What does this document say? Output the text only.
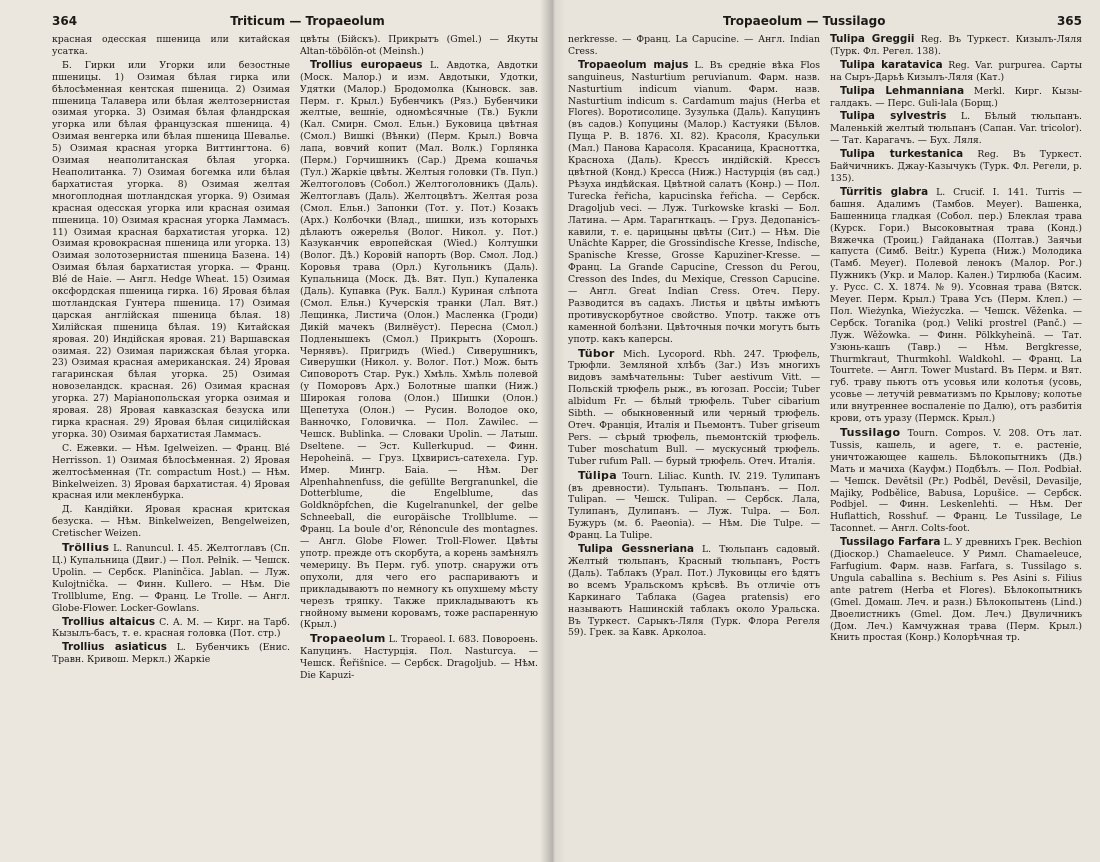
364	Triticum — Tropaeolum

красная одесская пшеница или китайская усатка.

Б. Гирки или Угорки или безостные пшеницы. 1) Озимая бѣлая гирка или бѣлосѣменная кентская пшеница. 2) Озимая пшеница Талавера или бѣлая желтозернистая озимая угорка. 3) Озимая бѣлая фландрская угорка или бѣлая французская пшеница. 4) Озимая венгерка или бѣлая пшеница Шевалье. 5) Озимая красная угорка Виттингтона. 6) Озимая неаполитанская бѣлая угорка. Неаполитанка. 7) Озимая богемка или бѣлая бархатистая угорка. 8) Озимая желтая многоплодная шотландская угорка. 9) Озимая красная одесская угорка или красная озимая пшеница. 10) Озимая красная угорка Ламмасъ. 11) Озимая красная бархатистая угорка. 12) Озимая кровокрасная пшеница или угорка. 13) Озимая золотозернистая пшеница Базена. 14) Озимая бѣлая бархатистая угорка. — Франц. Blé de Haie. — Англ. Hedge Wheat. 15) Озимая оксфордская пшеница гирка. 16) Яровая бѣлая шотландская Гунтера пшеница. 17) Озимая царская англiйская пшеница бѣлая. 18) Хилiйская пшеница бѣлая. 19) Китайская яровая. 20) Индiйская яровая. 21) Варшавская озимая. 22) Озимая парижская бѣлая угорка. 23) Озимая красная американская. 24) Яровая гагаринская бѣлая угорка. 25) Озимая новозеландск. красная. 26) Озимая красная угорка. 27) Марiанопольская угорка озимая и яровая. 28) Яровая кавказская безуска или гирка красная. 29) Яровая бѣлая сицилiйская угорка. 30) Озимая бархатистая Ламмасъ.

С. Ежевки. — Нѣм. Igelweizen. — Франц. Blé Herrisson. 1) Озимая бѣлосѣменная. 2) Яровая желтосѣменная (Tr. compactum Host.) — Нѣм. Binkelweizen. 3) Яровая бархатистая. 4) Яровая красная или мекленбурка.

Д. Кандійки. Яровая красная критская безуска. — Нѣм. Binkelweizen, Bengelweizen, Cretischer Weizen.

Tröllius L. Ranuncul. I. 45. Желтоглавъ (Сп. Ц.) Купальница (Двиг.) — Пол. Pełnik. — Чешск. Upolin. — Сербск. Planinčica. Jablan. — Луж. Kulojtnička. — Финн. Kullero. — Нѣм. Die Trollblume, Eng. — Франц. Le Trolle. — Англ. Globe-Flower. Locker-Gowlans.

Trollius altaicus C. A. M. — Кирг. на Тарб. Кызылъ-басъ, т. е. красная головка (Пот. стр.)

Trollius asiaticus L. Бубенчикъ (Енис. Травн. Кривош. Меркл.) Жаркіе

цвѣты (Бiйскъ). Прикрытъ (Gmel.) — Якуты Altan-töbölön-ot (Meinsh.)

Trollius europaeus L. Авдотка, Авдотки (Моск. Малор.) и изм. Авдотыки, Удотки, Удятки (Малор.) Бродомолка (Кыновск. зав. Перм. г. Крыл.) Бубенчикъ (Ряз.) Бубенчики желтые, вешніе, одномѣсячные (Тв.) Букли (Кал. Смирн. Смол. Ельн.) Буковица цвѣтная (Смол.) Вишкі (Вѣнки) (Перм. Крыл.) Вовча лапа, вовчий копит (Мал. Волк.) Горлянка (Перм.) Горчишникъ (Сар.) Дрема кошачья (Тул.) Жаркіе цвѣты. Желтыя головки (Тв. Пуп.) Желтоголовъ (Собол.) Желтоголовникъ (Даль). Желтоглавъ (Даль). Желтоцвѣтъ. Желтая роза (Смол. Ельн.) Запонки (Тот. у. Пот.) Козакъ (Арх.) Колбочки (Влад., шишки, изъ которыхъ дѣлаютъ ожерелья (Волог. Никол. у. Пот.) Казуканчик европейская (Wied.) Колтушки (Волог. Дѣ.) Коровій напорть (Вор. Смол. Лод.) Коровья трава (Орл.) Кугольникъ (Даль). Купальница (Моск. Дѣ. Вят. Пуп.) Купаленка (Даль). Купавка (Рук. Балл.) Куриная слѣпота (Смол. Ельн.) Кучерскія транки (Лал. Вят.) Лещинка, Листича (Олон.) Масленка (Гроди) Дикій мачекъ (Вилнёуст). Пересна (Смол.) Подленышекъ (Смол.) Прикрытъ (Хорошъ. Чернявъ). Пригридъ (Wied.) Сиверушникъ, Сиверушки (Никол. у. Волог. Пот.) Мож. быть Сиповоротъ Стар. Рук.) Хмѣль. Хмѣль полевой (у Поморовъ Арх.) Болотные шапки (Ниж.) Широкая голова (Олон.) Шишки (Олон.) Щепетуха (Олон.) — Русин. Володое око, Ванночко, Головичка. — Пол. Zawilec. — Чешск. Bublinka. — Словаки Upolin. — Латыш. Dseltene. — Эст. Kullerkupud. — Финн. Hepoheinä. — Груз. Цхвирисъ-сатехела. Гур. Имер. Мингр. Баіа. — Нѣм. Der Alpenhahnenfuss, die gefüllte Bergranunkel, die Dotterblume, die Engelblume, das Goldknöpfchen, die Kugelranunkel, der gelbe Schneeball, die europäische Trollblume. — Франц. La boule d'or, Rénoncule des montagnes. — Англ. Globe Flower. Troll-Flower. Цвѣты употр. прежде отъ скорбута, а корень замѣнялъ чемерицу. Въ Перм. губ. употр. снаружи отъ опухоли, для чего его распариваютъ и прикладываютъ по немногу къ опухшему мѣсту черезъ тряпку. Также прикладываютъ къ гнойному вымени коровамъ, тоже распаренную (Крыл.)

Tropaeolum L. Tropaeol. I. 683. Повороень. Капуцинъ. Настурція. Пол. Nasturcya. — Чешск. Řeřišnice. — Сербск. Dragoljub. — Нѣм. Die Kapuzi-

Tropaeolum — Tussilago	365

nerkresse. — Франц. La Capucine. — Англ. Indian Cress.

Tropaeolum majus L. Въ средніе вѣка Flos sanguineus, Nasturtium peruvianum. Фарм. назв. Nasturtium indicum vianum. Фарм. назв. Nasturtium indicum s. Cardamum majus (Herba et Flores). Воротисолице. Зузулька (Даль). Капуцинъ (въ садов.) Копуцины (Малор.) Кастуяки (Бѣлов. Пуща Р. В. 1876. XI. 82). Красоля, Красульки (Мал.) Панова Карасоля. Красаница, Красноттка, Красноха (Даль). Крессъ индійскій. Крессъ цвѣтной (Конд.) Кресса (Ниж.) Настурція (въ сад.) Рѣзуха индѣйская. Цвѣтной салатъ (Конр.) — Пол. Turecka řeřicha, kapucinska řeřicha. — Сербск. Dragoljub veci. — Луж. Turkowske kraski — Бол. Латина. — Арм. Тарагнткацъ. — Груз. Дедопанісъ-кавили, т. е. царицыны цвѣты (Сит.) — Нѣм. Die Unächte Kapper, die Grossindische Kresse, Indische, Spanische Kresse, Grosse Kapuziner-Kresse. — Франц. La Grande Capucine, Cresson du Perou, Cresson des Indes, du Mexique, Cresson Capucine. — Англ. Great Indian Cress. Отеч. Перу. Разводится въ садахъ. Листья и цвѣты имѣютъ противускорбутное свойство. Употр. также отъ каменной болѣзни. Цвѣточныя почки могутъ быть употр. какъ каперсы.

Tübor Mich. Lycopord. Rbh. 247. Трюфель, Трюфли. Земляной хлѣбъ (Заг.) Изъ многихъ видовъ замѣчательны: Tuber aestivum Vitt. — Польскій трюфель рыж., въ югозап. Россіи; Tuber albidum Fr. — бѣлый трюфель. Tuber cibarium Sibth. — обыкновенный или черный трюфель. Отеч. Франція, Италія и Пьемонтъ. Tuber griseum Pers. — сѣрый трюфель, пьемонтскій трюфель. Tuber moschatum Bull. — мускусный трюфель. Tuber rufum Pall. — бурый трюфель. Отеч. Италія.

Tülipa Tourn. Liliac. Kunth. IV. 219. Тулипанъ (въ древности). Тульпанъ. Тюльпанъ. — Пол. Tulipan. — Чешск. Tulipan. — Сербск. Лала, Тулипанъ, Дулипанъ. — Луж. Tulpa. — Бол. Бужуръ (м. б. Paeonia). — Нѣм. Die Tulpe. — Франц. La Tulipe.

Tulipa Gessneriana L. Тюльпанъ садовый. Желтый тюльпанъ, Красный тюльпанъ, Ростъ (Даль). Таблакъ (Урал. Пот.) Луковицы его ѣдятъ во всемъ Уральскомъ крѣсвѣ. Въ отличіе отъ Каркинаго Таблака (Gagea pratensis) его называютъ Нашинскій таблакъ около Уральска. Въ Туркест. Сарыкъ-Ляля (Турк. Флора Регеля 59). Грек. за Кавк. Арколоа.

Tulipa Greggii Reg. Въ Туркест. Кизылъ-Ляля (Турк. Фл. Регел. 138).

Tulipa karatavica Reg. Var. purpurea. Сарты на Сыръ-Дарьѣ Кизылъ-Ляля (Кат.)

Tulipa Lehmanniana Merkl. Кирг. Кызы-галдакъ. — Перс. Guli-lala (Борщ.)

Tulipa sylvestris L. Бѣлый тюльпанъ. Маленькій желтый тюльпанъ (Сапан. Var. tricolor). — Тат. Карагачъ. — Бух. Ляля.

Tulipa turkestanica Reg. Въ Туркест. Байчичникъ. Джау-Казычукъ (Турк. Фл. Регели, р. 135).

Türritis glabra L. Crucif. I. 141. Turris — башня. Адалимъ (Тамбов. Meyer). Вашенка, Башенница гладкая (Собол. пер.) Блеклая трава (Курск. Гори.) Высоковытная трава (Конд.) Вяжечка (Троиц.) Гайданака (Полтав.) Заячьи капуста (Симб. Beitr.) Курепа (Ниж.) Молодика (Тамб. Meyer). Полевой ленокъ (Малор. Рог.) Пужникъ (Укр. и Малор. Кален.) Тирлюба (Касим. у. Русс. С. Х. 1874. № 9). Усовная трава (Вятск. Meyer. Перм. Крыл.) Трава Усъ (Перм. Клеп.) — Пол. Wieżynka, Wieżyczka. — Чешск. Věženka. — Сербск. Toranika (род.) Veliki prostrel (Panč.) — Луж. Wěžowka. — Финн. Pölkkyheinä. — Тат. Узюнь-кашъ (Тавр.) — Нѣм. Bergkresse, Thurmkraut, Thurmkohl. Waldkohl. — Франц. La Tourrete. — Англ. Tower Mustard. Въ Перм. и Вят. губ. траву пьютъ отъ усовья или колотья (усовь, усовье — летучій ревматизмъ по Крылову; колотье или внутреннее воспаленіе по Далю), отъ разбитія крови, отъ уразу (Пермск. Крыл.)

Tussilago Tourn. Compos. V. 208. Отъ лат. Tussis, кашель, и agere, т. е. растеніе, уничтожающее кашель. Бѣлокопытникъ (Дв.) Мать и мачиха (Кауфм.) Подбѣлъ. — Пол. Podbiał. — Чешск. Devětsil (Pr.) Podběl, Devěsil, Devasilje, Majiky, Podbělice, Babusa, Lopušice. — Сербск. Podbjel. — Финн. Leskenlehti. — Нѣм. Der Huflattich, Rosshuf. — Франц. Le Tussilage, Le Taconnet. — Англ. Colts-foot.

Tussilago Farfara L. У древнихъ Грек. Bechion (Діоскор.) Chamaeleuce. У Римл. Chamaeleuce, Farfugium. Фарм. назв. Farfara, s. Tussilago s. Ungula caballina s. Bechium s. Pes Asini s. Filius ante patrem (Herba et Flores). Бѣлокопытникъ (Gmel. Домаш. Леч. и разн.) Бѣлокопытень (Lind.) Двоелистникъ (Gmel. Дом. Леч.) Двуличникъ (Дом. Леч.) Камчужная трава (Перм. Крыл.) Книть простая (Конр.) Колорѣчная тр.
